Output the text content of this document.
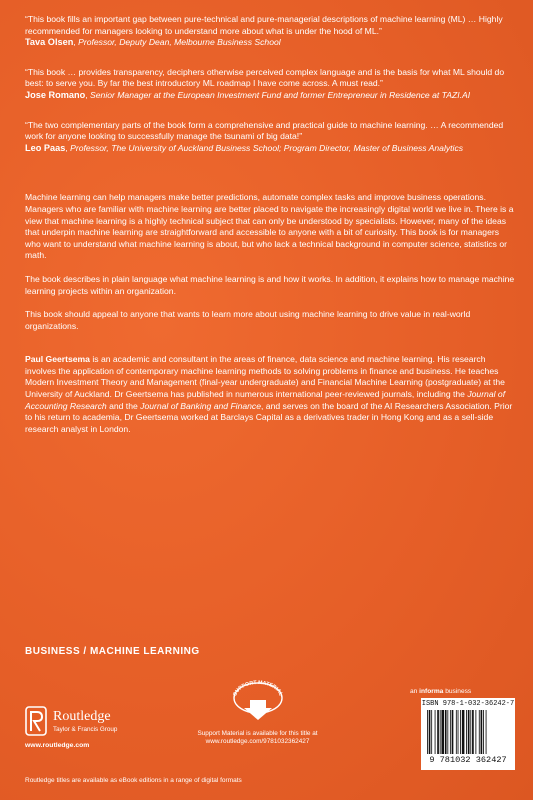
“This book fills an important gap between pure-technical and pure-managerial descriptions of machine learning (ML) … Highly recommended for managers looking to understand more about what is under the hood of ML.”
Tava Olsen, Professor, Deputy Dean, Melbourne Business School
“This book … provides transparency, deciphers otherwise perceived complex language and is the basis for what ML should do best: to serve you. By far the best introductory ML roadmap I have come across. A must read.”
Jose Romano, Senior Manager at the European Investment Fund and former Entrepreneur in Residence at TAZI.AI
“The two complementary parts of the book form a comprehensive and practical guide to machine learning. … A recommended work for anyone looking to successfully manage the tsunami of big data!”
Leo Paas, Professor, The University of Auckland Business School; Program Director, Master of Business Analytics

Machine learning can help managers make better predictions, automate complex tasks and improve business operations. Managers who are familiar with machine learning are better placed to navigate the increasingly digital world we live in. There is a view that machine learning is a highly technical subject that can only be understood by specialists. However, many of the ideas that underpin machine learning are straightforward and accessible to anyone with a bit of curiosity. This book is for managers who want to understand what machine learning is about, but who lack a technical background in computer science, statistics or math.

The book describes in plain language what machine learning is and how it works. In addition, it explains how to manage machine learning projects within an organization.

This book should appeal to anyone that wants to learn more about using machine learning to drive value in real-world organizations.

Paul Geertsema is an academic and consultant in the areas of finance, data science and machine learning. His research involves the application of contemporary machine learning methods to solving problems in finance and business. He teaches Modern Investment Theory and Management (final-year undergraduate) and Financial Machine Learning (postgraduate) at the University of Auckland. Dr Geertsema has published in numerous international peer-reviewed journals, including the Journal of Accounting Research and the Journal of Banking and Finance, and serves on the board of the AI Researchers Association. Prior to his return to academia, Dr Geertsema worked at Barclays Capital as a derivatives trader in Hong Kong and as a sell-side research analyst in London.

BUSINESS / MACHINE LEARNING
Routledge
Taylor & Francis Group
www.routledge.com
SUPPORT MATERIAL
Support Material is available for this title at
www.routledge.com/9781032362427
an informa business
ISBN 978-1-032-36242-7
9 781032 362427
Routledge titles are available as eBook editions in a range of digital formats
